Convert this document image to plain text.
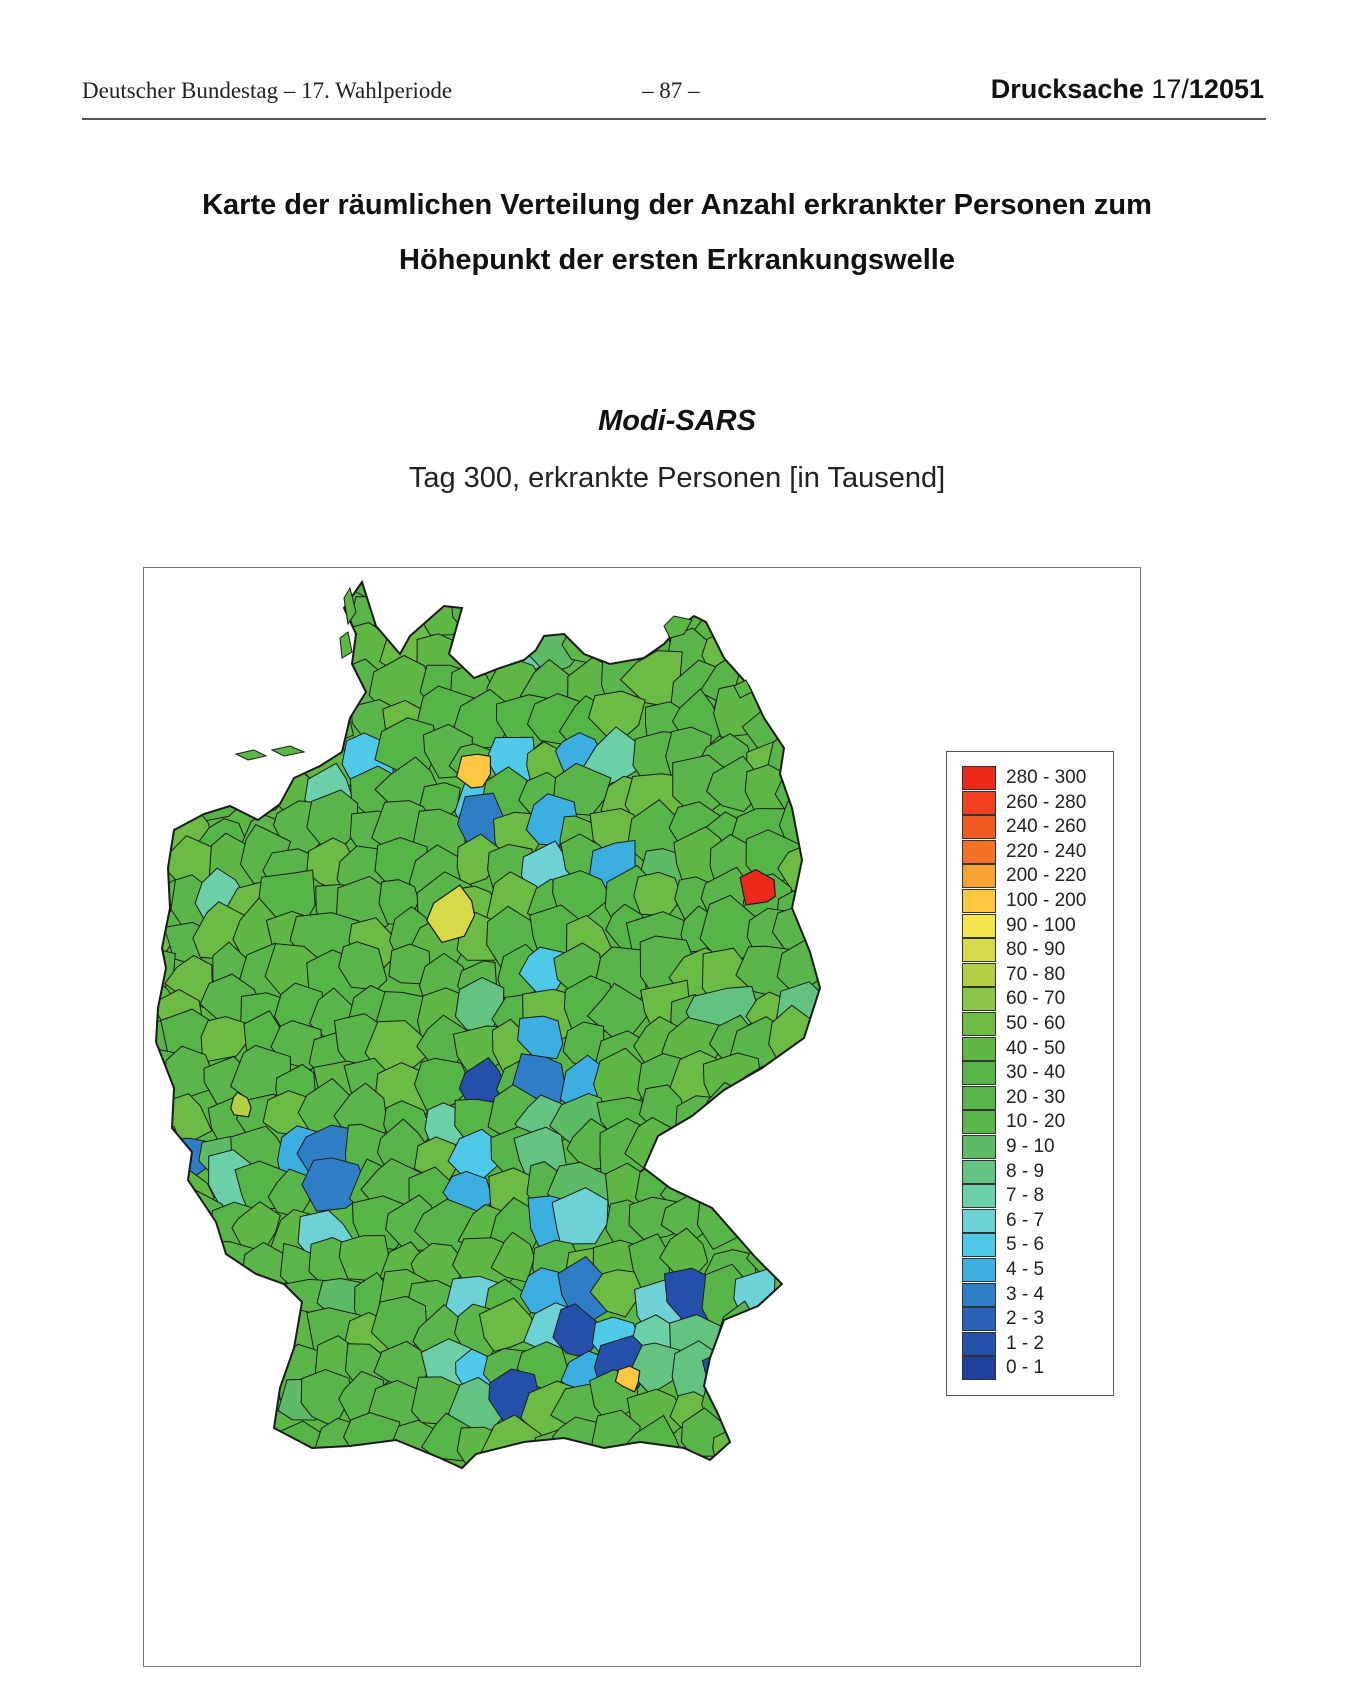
Deutscher Bundestag – 17. Wahlperiode	– 87 –	Drucksache 17/12051
Karte der räumlichen Verteilung der Anzahl erkrankter Personen zum
Höhepunkt der ersten Erkrankungswelle
Modi-SARS
Tag 300, erkrankte Personen [in Tausend]
280 - 300
260 - 280
240 - 260
220 - 240
200 - 220
100 - 200
90 - 100
80 - 90
70 - 80
60 - 70
50 - 60
40 - 50
30 - 40
20 - 30
10 - 20
9 - 10
8 - 9
7 - 8
6 - 7
5 - 6
4 - 5
3 - 4
2 - 3
1 - 2
0 - 1
